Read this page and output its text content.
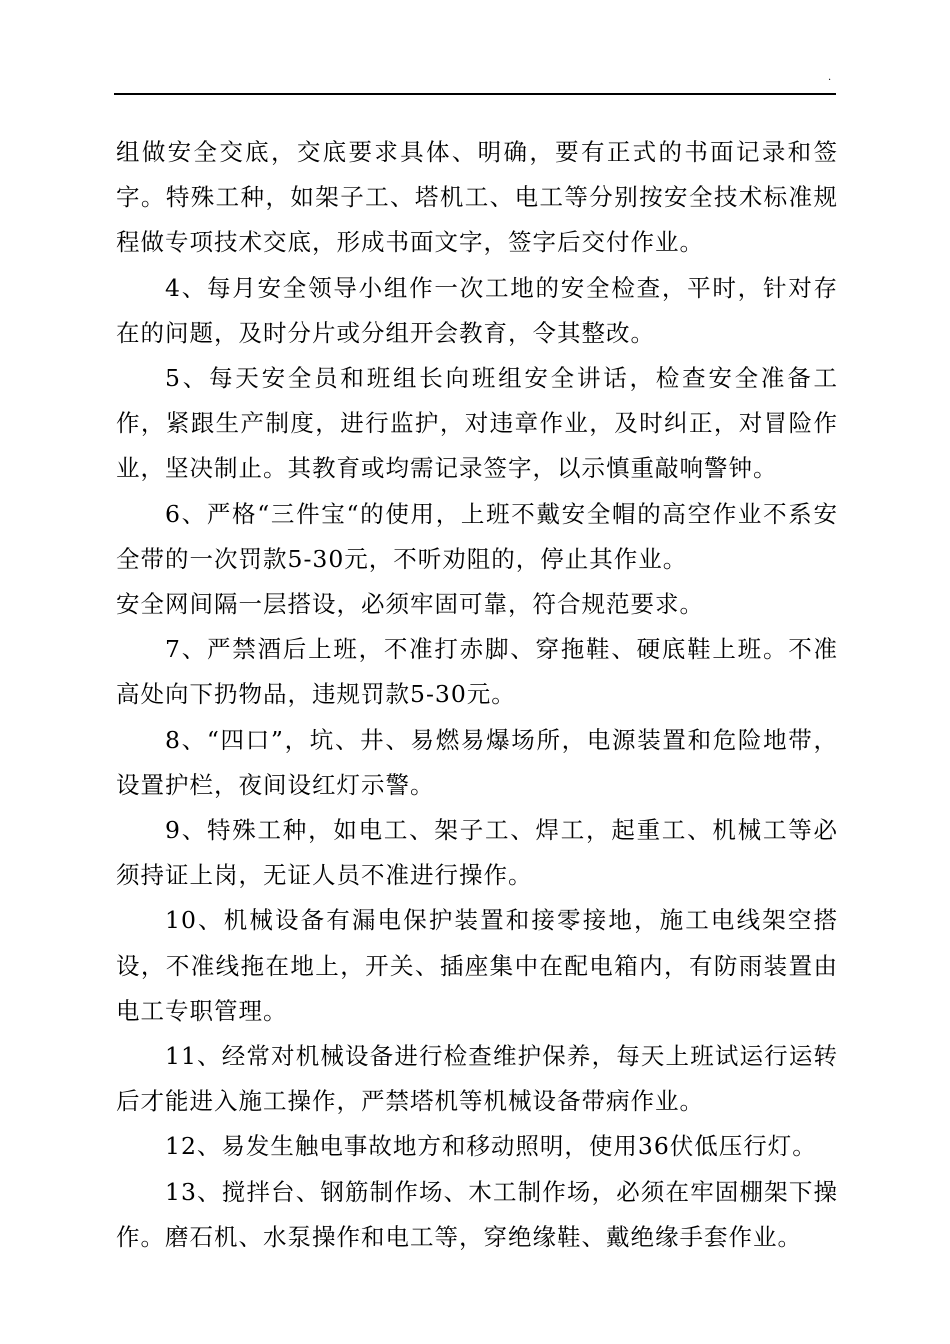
.

组做安全交底，交底要求具体、明确，要有正式的书面记录和签字。特殊工种，如架子工、塔机工、电工等分别按安全技术标准规程做专项技术交底，形成书面文字，签字后交付作业。

4、每月安全领导小组作一次工地的安全检查，平时，针对存在的问题，及时分片或分组开会教育，令其整改。

5、每天安全员和班组长向班组安全讲话，检查安全准备工作，紧跟生产制度，进行监护，对违章作业，及时纠正，对冒险作业，坚决制止。其教育或均需记录签字，以示慎重敲响警钟。

6、严格“三件宝“的使用，上班不戴安全帽的高空作业不系安全带的一次罚款5-30元，不听劝阻的，停止其作业。

安全网间隔一层搭设，必须牢固可靠，符合规范要求。

7、严禁酒后上班，不准打赤脚、穿拖鞋、硬底鞋上班。不准高处向下扔物品，违规罚款5-30元。

8、“四口”，坑、井、易燃易爆场所，电源装置和危险地带，设置护栏，夜间设红灯示警。

9、特殊工种，如电工、架子工、焊工，起重工、机械工等必须持证上岗，无证人员不准进行操作。

10、机械设备有漏电保护装置和接零接地，施工电线架空搭设，不准线拖在地上，开关、插座集中在配电箱内，有防雨装置由电工专职管理。

11、经常对机械设备进行检查维护保养，每天上班试运行运转后才能进入施工操作，严禁塔机等机械设备带病作业。

12、易发生触电事故地方和移动照明，使用36伏低压行灯。

13、搅拌台、钢筋制作场、木工制作场，必须在牢固棚架下操作。磨石机、水泵操作和电工等，穿绝缘鞋、戴绝缘手套作业。
